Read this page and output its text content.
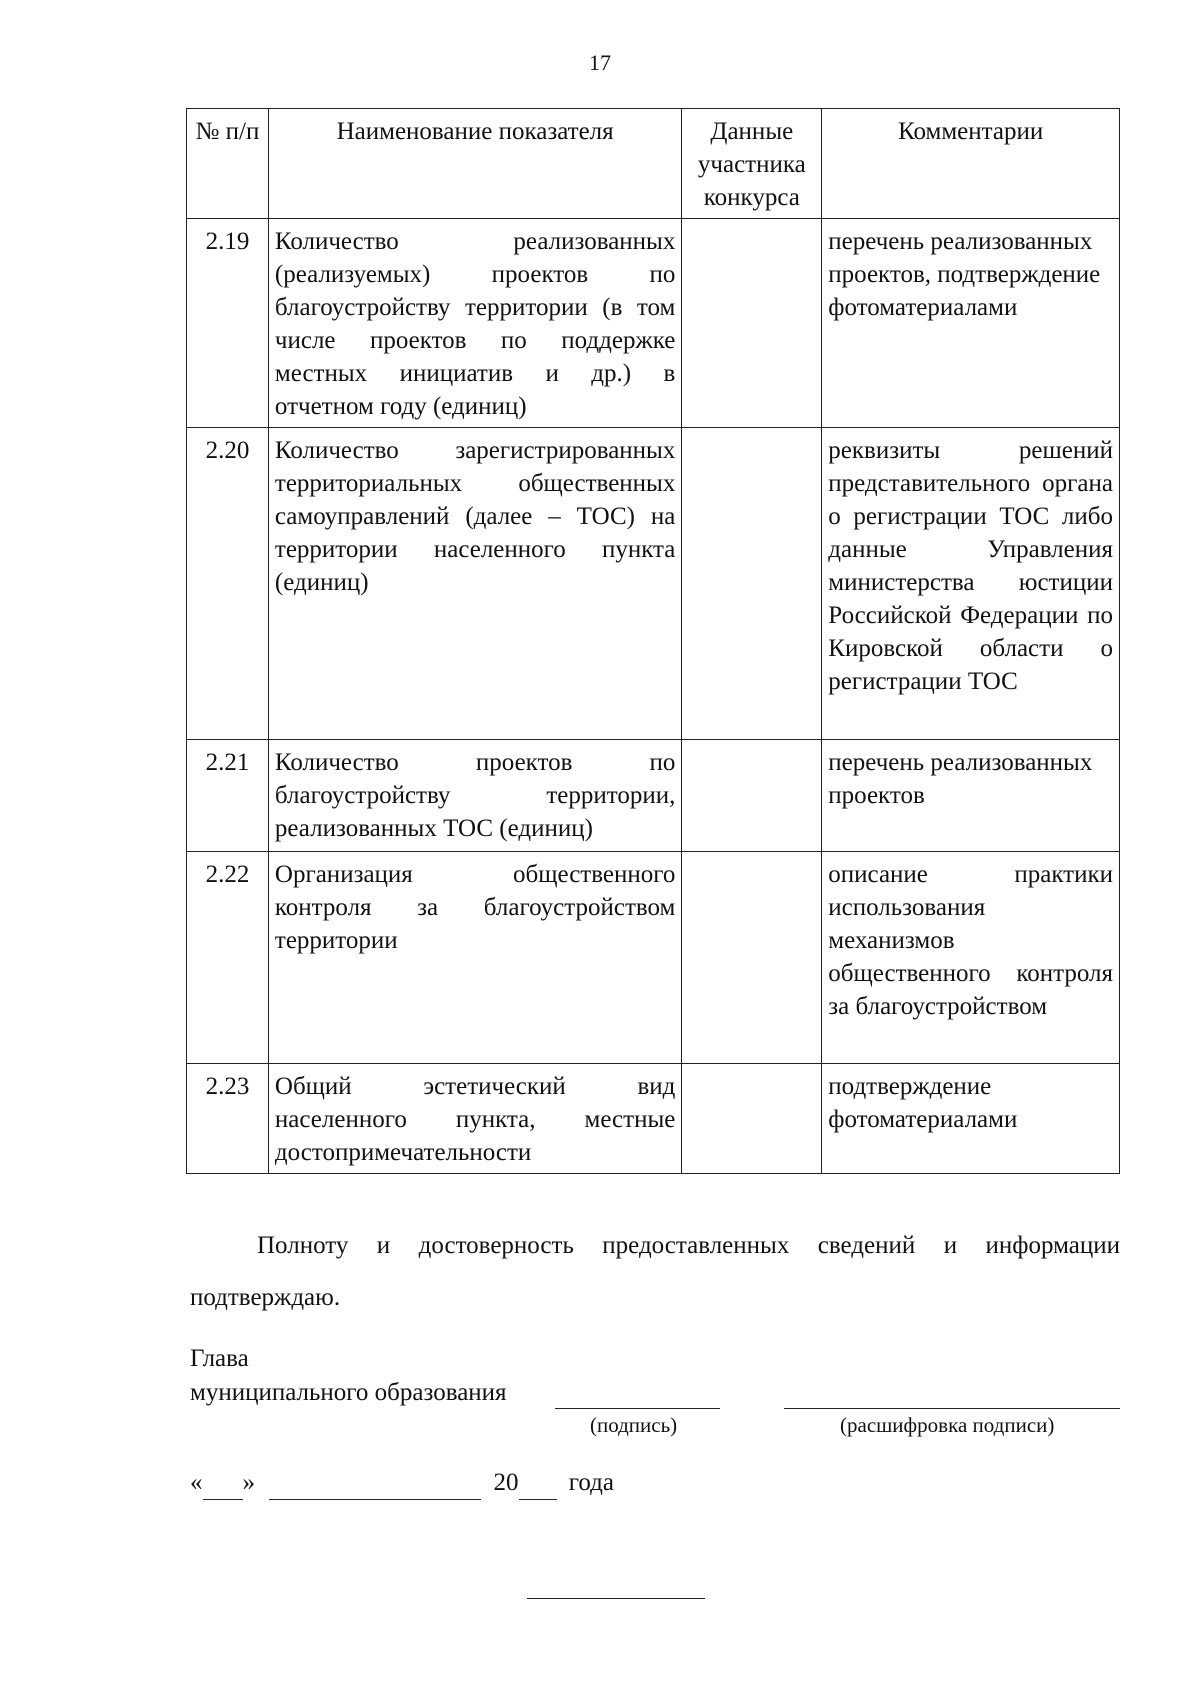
17
№ п/п	Наименование показателя	Данные участника конкурса	Комментарии
2.19	Количество реализованных (реализуемых) проектов по благоустройству территории (в том числе проектов по поддержке местных инициатив и др.) в отчетном году (единиц)		перечень реализованных проектов, подтверждение фотоматериалами
2.20	Количество зарегистрированных территориальных общественных самоуправлений (далее – ТОС) на территории населенного пункта (единиц)		реквизиты решений представительного органа о регистрации ТОС либо данные Управления министерства юстиции Российской Федерации по Кировской области о регистрации ТОС
2.21	Количество проектов по благоустройству территории, реализованных ТОС (единиц)		перечень реализованных проектов
2.22	Организация общественного контроля за благоустройством территории		описание практики использования механизмов общественного контроля за благоустройством
2.23	Общий эстетический вид населенного пункта, местные достопримечательности		подтверждение фотоматериалами
Полноту и достоверность предоставленных сведений и информации подтверждаю.
Глава
муниципального образования
(подпись)	(расшифровка подписи)
« »	20 года
